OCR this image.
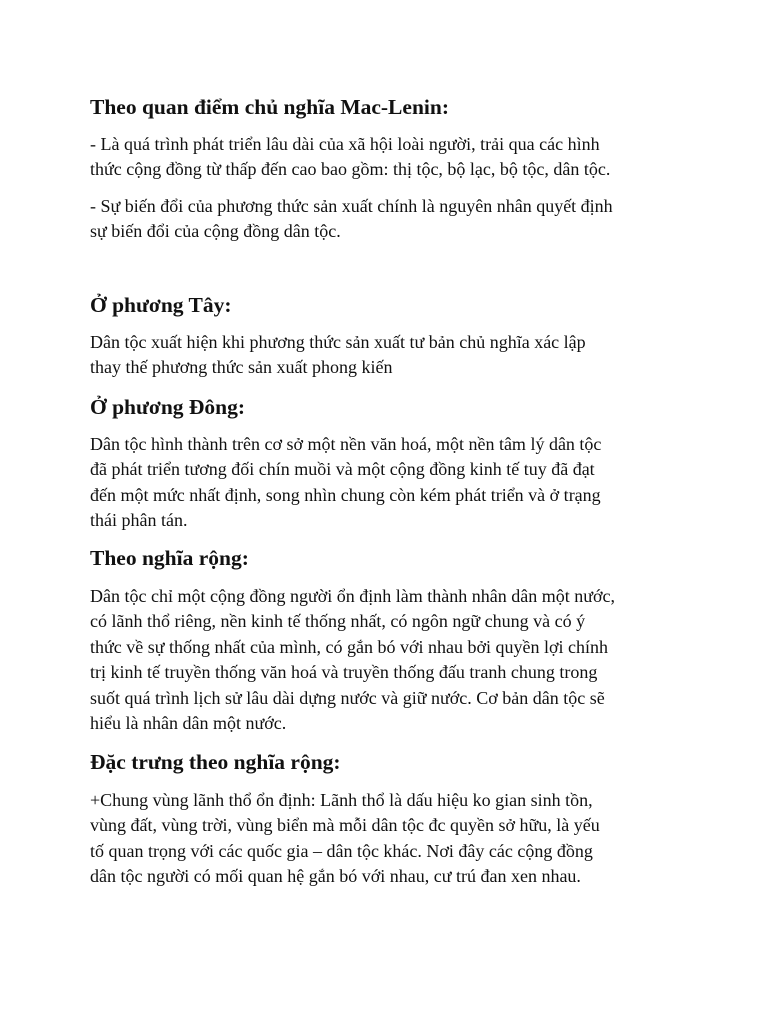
Theo quan điểm chủ nghĩa Mac-Lenin:

- Là quá trình phát triển lâu dài của xã hội loài người, trải qua các hình
thức cộng đồng từ thấp đến cao bao gồm: thị tộc, bộ lạc, bộ tộc, dân tộc.

- Sự biến đổi của phương thức sản xuất chính là nguyên nhân quyết định
sự biến đổi của cộng đồng dân tộc.

Ở phương Tây:

Dân tộc xuất hiện khi phương thức sản xuất tư bản chủ nghĩa xác lập
thay thế phương thức sản xuất phong kiến

Ở phương Đông:

Dân tộc hình thành trên cơ sở một nền văn hoá, một nền tâm lý dân tộc
đã phát triển tương đối chín muồi và một cộng đồng kinh tế tuy đã đạt
đến một mức nhất định, song nhìn chung còn kém phát triển và ở trạng
thái phân tán.

Theo nghĩa rộng:

Dân tộc chỉ một cộng đồng người ổn định làm thành nhân dân một nước,
có lãnh thổ riêng, nền kinh tế thống nhất, có ngôn ngữ chung và có ý
thức về sự thống nhất của mình, có gắn bó với nhau bởi quyền lợi chính
trị kinh tế truyền thống văn hoá và truyền thống đấu tranh chung trong
suốt quá trình lịch sử lâu dài dựng nước và giữ nước. Cơ bản dân tộc sẽ
hiểu là nhân dân một nước.

Đặc trưng theo nghĩa rộng:

+Chung vùng lãnh thổ ổn định: Lãnh thổ là dấu hiệu ko gian sinh tồn,
vùng đất, vùng trời, vùng biển mà mỗi dân tộc đc quyền sở hữu, là yếu
tố quan trọng với các quốc gia – dân tộc khác. Nơi đây các cộng đồng
dân tộc người có mối quan hệ gắn bó với nhau, cư trú đan xen nhau.
